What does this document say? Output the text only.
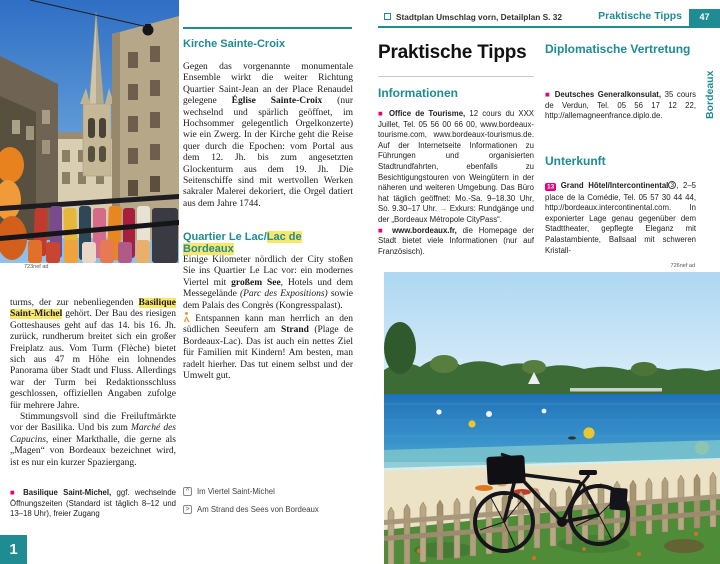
723nef ad
Stadtplan Umschlag vorn, Detailplan S. 32	Praktische Tipps	47

turms, der zur nebenliegenden Basilique Saint-Michel gehört. Der Bau des riesigen Gotteshauses geht auf das 14. bis 16. Jh. zurück, rundherum breitet sich ein großer Freiplatz aus. Vom Turm (Flèche) bietet sich aus 47 m Höhe ein lohnendes Panorama über Stadt und Fluss. Allerdings war der Turm bei Redaktionsschluss geschlossen, offiziellen Angaben zufolge für mehrere Jahre.

Stimmungsvoll sind die Freiluftmärkte vor der Basilika. Und bis zum Marché des Capucins, einer Markthalle, die gerne als „Magen“ von Bordeaux bezeichnet wird, ist es nur ein kurzer Spaziergang.

■ Basilique Saint-Michel, ggf. wechselnde Öffnungszeiten (Standard ist täglich 8–12 und 13–18 Uhr), freier Zugang
1
Kirche Sainte-Croix
Gegen das vorgenannte monumentale Ensemble wirkt die weiter Richtung Quartier Saint-Jean an der Place Renaudel gelegene Église Sainte-Croix (nur wechselnd und spärlich geöffnet, im Hochsommer gelegentlich Orgelkonzerte) wie ein Zwerg. In der Kirche geht die Reise quer durch die Epochen: vom Portal aus dem 12. Jh. bis zum angesetzten Glockenturm aus dem 19. Jh. Die Seitenschiffe sind mit wertvollen Werken sakraler Malerei dekoriert, die Orgel datiert aus dem Jahre 1744.
Quartier Le Lac/Lac de Bordeaux

Einige Kilometer nördlich der City stoßen Sie ins Quartier Le Lac vor: ein modernes Viertel mit großem See, Hotels und dem Messegelände (Parc des Expositions) sowie dem Palais des Congrès (Kongresspalast).

Entspannen kann man herrlich an den südlichen Seeufern am Strand (Plage de Bordeaux-Lac). Das ist auch ein nettes Ziel für Familien mit Kindern! Am besten, man radelt hierher. Das tut einem selbst und der Umwelt gut.

^	Im Viertel Saint-Michel
> Am Strand des Sees von Bordeaux
Praktische Tipps
Informationen

■ Office de Tourisme, 12 cours du XXX Juillet, Tel. 05 56 00 66 00, www.bordeaux-tourisme.com, www.bordeaux-tourismus.de. Auf der Internetseite Informationen zu Führungen und organisierten Stadtrundfahrten, ebenfalls zu Besichtigungstouren von Weingütern in der näheren und weiteren Umgebung. Das Büro hat täglich geöffnet: Mo.-Sa. 9–18.30 Uhr, So. 9.30–17 Uhr. → Exkurs: Rundgänge und der „Bordeaux Métropole CityPass“.

■ www.bordeaux.fr, die Homepage der Stadt bietet viele Informationen (nur auf Französisch).

Diplomatische Vertretung
■ Deutsches Generalkonsulat, 35 cours de Verdun, Tel. 05 56 17 12 22, http://allemagneenfrance.diplo.de.
Unterkunft
13 Grand Hôtel/Intercontinental 3 , 2–5 place de la Comédie, Tel. 05 57 30 44 44, http://bordeaux.intercontinental.com. In exponierter Lage genau gegenüber dem Stadttheater, gepflegte Eleganz mit Palastambiente, Ballsaal mit schweren Kristall-
Bordeaux
726nef ad
